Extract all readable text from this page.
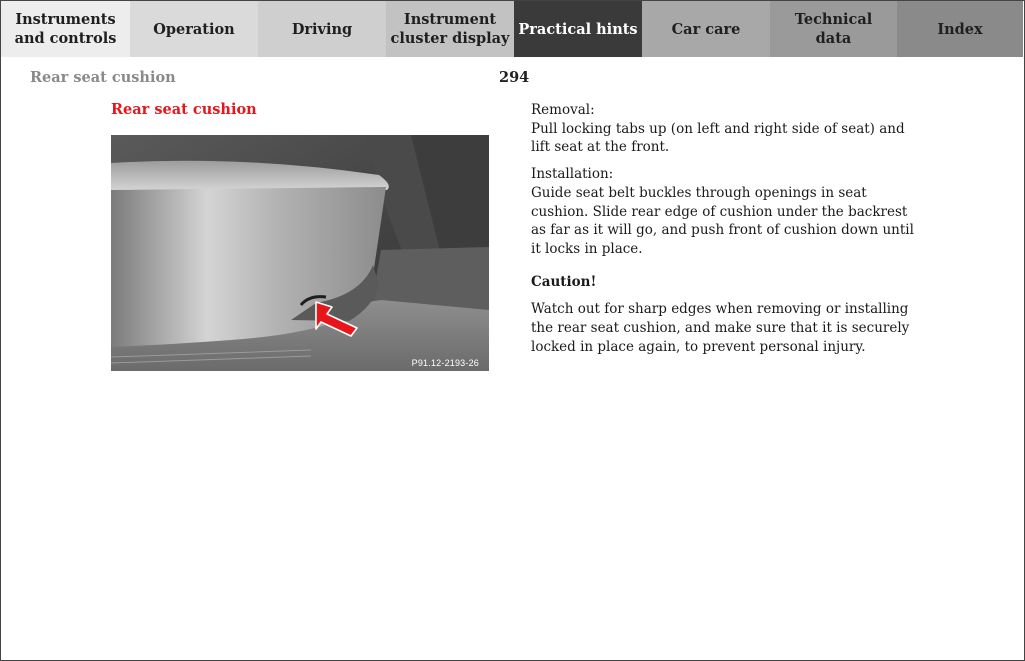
Instruments
and controls
Operation	Driving
Instrument
cluster display
Practical hints	Car care
Technical
data
Index
Rear seat cushion	294
Rear seat cushion
P91.12-2193-26

Removal:

Pull locking tabs up (on left and right side of seat) and lift seat at the front.

Installation:

Guide seat belt buckles through openings in seat cushion. Slide rear edge of cushion under the backrest as far as it will go, and push front of cushion down until it locks in place.

Caution!

Watch out for sharp edges when removing or installing the rear seat cushion, and make sure that it is securely locked in place again, to prevent personal injury.
